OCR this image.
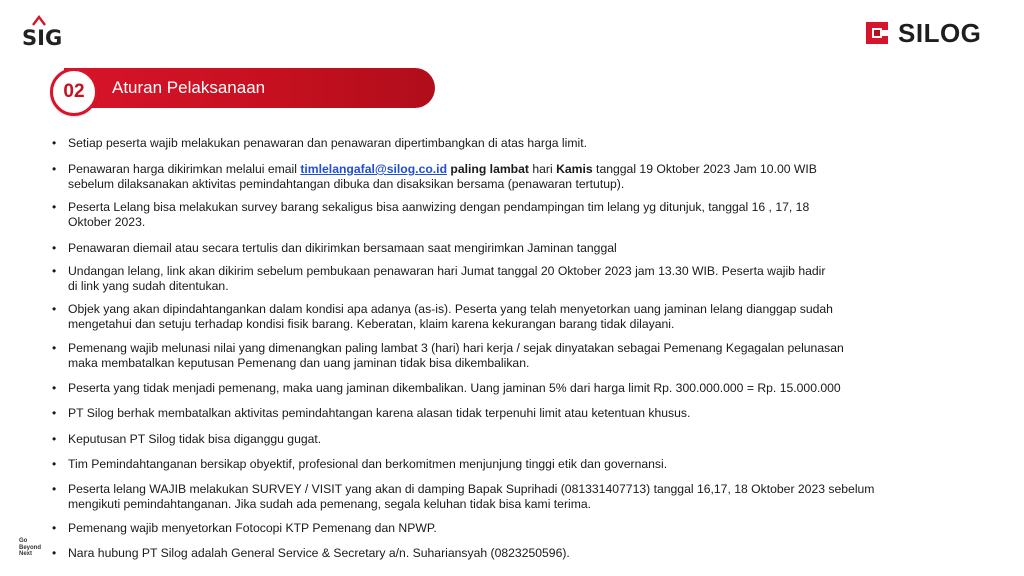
SIG	SILOG
Aturan Pelaksanaan
02
• Setiap peserta wajib melakukan penawaran dan penawaran dipertimbangkan di atas harga limit.
• Penawaran harga dikirimkan melalui email timlelangafal@silog.co.id paling lambat hari Kamis tanggal 19 Oktober 2023 Jam 10.00 WIB
sebelum dilaksanakan aktivitas pemindahtangan dibuka dan disaksikan bersama (penawaran tertutup).
• Peserta Lelang bisa melakukan survey barang sekaligus bisa aanwizing dengan pendampingan tim lelang yg ditunjuk, tanggal 16 , 17, 18
Oktober 2023.
• Penawaran diemail atau secara tertulis dan dikirimkan bersamaan saat mengirimkan Jaminan tanggal
• Undangan lelang, link akan dikirim sebelum pembukaan penawaran hari Jumat tanggal 20 Oktober 2023 jam 13.30 WIB. Peserta wajib hadir
di link yang sudah ditentukan.
• Objek yang akan dipindahtangankan dalam kondisi apa adanya (as-is). Peserta yang telah menyetorkan uang jaminan lelang dianggap sudah
mengetahui dan setuju terhadap kondisi fisik barang. Keberatan, klaim karena kekurangan barang tidak dilayani.
• Pemenang wajib melunasi nilai yang dimenangkan paling lambat 3 (hari) hari kerja / sejak dinyatakan sebagai Pemenang Kegagalan pelunasan
maka membatalkan keputusan Pemenang dan uang jaminan tidak bisa dikembalikan.
• Peserta yang tidak menjadi pemenang, maka uang jaminan dikembalikan. Uang jaminan 5% dari harga limit Rp. 300.000.000 = Rp. 15.000.000
• PT Silog berhak membatalkan aktivitas pemindahtangan karena alasan tidak terpenuhi limit atau ketentuan khusus.
• Keputusan PT Silog tidak bisa diganggu gugat.
• Tim Pemindahtanganan bersikap obyektif, profesional dan berkomitmen menjunjung tinggi etik dan governansi.
• Peserta lelang WAJIB melakukan SURVEY / VISIT yang akan di damping Bapak Suprihadi (081331407713) tanggal 16,17, 18 Oktober 2023 sebelum
mengikuti pemindahtanganan. Jika sudah ada pemenang, segala keluhan tidak bisa kami terima.
• Pemenang wajib menyetorkan Fotocopi KTP Pemenang dan NPWP.
• Nara hubung PT Silog adalah General Service & Secretary a/n. Suhariansyah (0823250596).
Go
Beyond
Next
